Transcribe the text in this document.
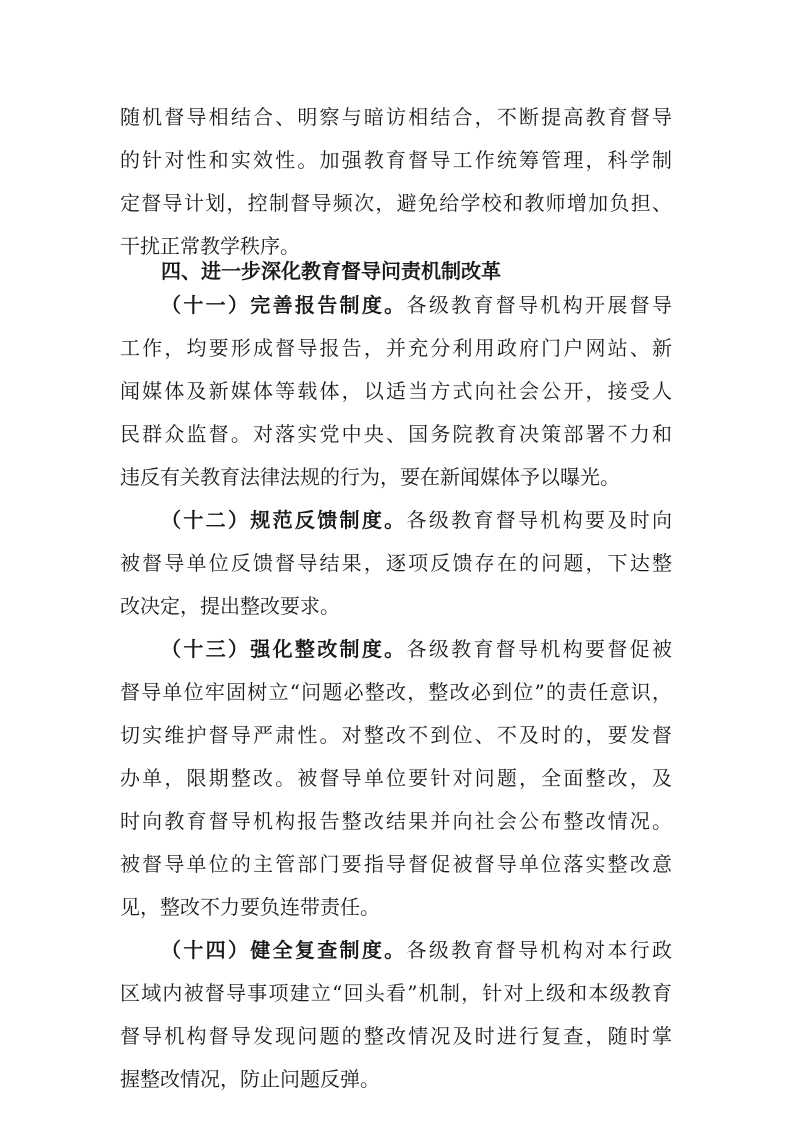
随机督导相结合、明察与暗访相结合，不断提高教育督导
的针对性和实效性。加强教育督导工作统筹管理，科学制
定督导计划，控制督导频次，避免给学校和教师增加负担、
干扰正常教学秩序。
四、进一步深化教育督导问责机制改革
（十一）完善报告制度。各级教育督导机构开展督导
工作，均要形成督导报告，并充分利用政府门户网站、新
闻媒体及新媒体等载体，以适当方式向社会公开，接受人
民群众监督。对落实党中央、国务院教育决策部署不力和
违反有关教育法律法规的行为，要在新闻媒体予以曝光。
（十二）规范反馈制度。各级教育督导机构要及时向
被督导单位反馈督导结果，逐项反馈存在的问题，下达整
改决定，提出整改要求。
（十三）强化整改制度。各级教育督导机构要督促被
督导单位牢固树立“问题必整改，整改必到位”的责任意识，
切实维护督导严肃性。对整改不到位、不及时的，要发督
办单，限期整改。被督导单位要针对问题，全面整改，及
时向教育督导机构报告整改结果并向社会公布整改情况。
被督导单位的主管部门要指导督促被督导单位落实整改意
见，整改不力要负连带责任。
（十四）健全复查制度。各级教育督导机构对本行政
区域内被督导事项建立“回头看”机制，针对上级和本级教育
督导机构督导发现问题的整改情况及时进行复查，随时掌
握整改情况，防止问题反弹。
